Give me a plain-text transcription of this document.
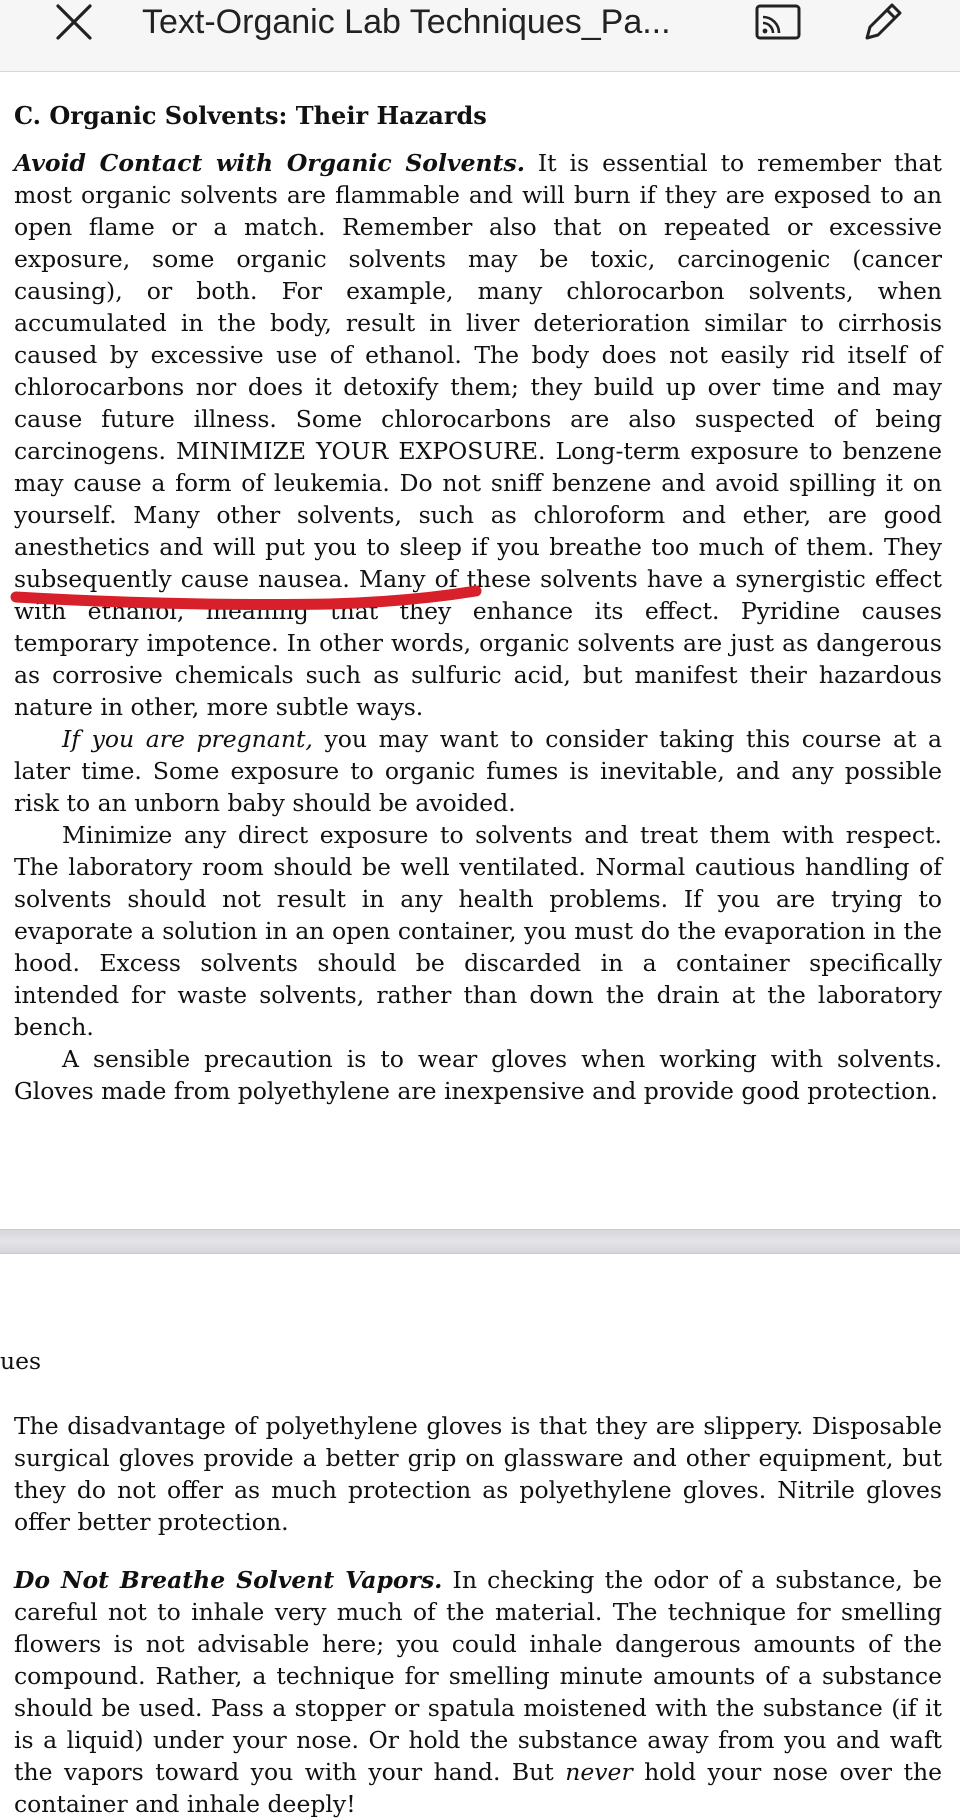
Text-Organic Lab Techniques_Pa...
C. Organic Solvents: Their Hazards

Avoid Contact with Organic Solvents. It is essential to remember that most organic solvents are flammable and will burn if they are exposed to an open flame or a match. Remember also that on repeated or excessive exposure, some organic solvents may be toxic, carcinogenic (cancer causing), or both. For example, many chlorocarbon solvents, when accumulated in the body, result in liver deterioration similar to cirrhosis caused by excessive use of ethanol. The body does not easily rid itself of chlorocarbons nor does it detoxify them; they build up over time and may cause future illness. Some chlorocarbons are also suspected of being carcinogens. MINIMIZE YOUR EXPOSURE. Long-term exposure to benzene may cause a form of leukemia. Do not sniff benzene and avoid spilling it on yourself. Many other solvents, such as chloroform and ether, are good anesthetics and will put you to sleep if you breathe too much of them. They subsequently cause nausea. Many of these solvents have a synergistic effect with ethanol, meaning that they enhance its effect. Pyridine causes temporary impotence. In other words, organic solvents are just as dangerous as corrosive chemicals such as sulfuric acid, but manifest their hazardous nature in other, more subtle ways.

If you are pregnant, you may want to consider taking this course at a later time. Some exposure to organic fumes is inevitable, and any possible risk to an unborn baby should be avoided.

Minimize any direct exposure to solvents and treat them with respect. The laboratory room should be well ventilated. Normal cautious handling of solvents should not result in any health problems. If you are trying to evaporate a solution in an open container, you must do the evaporation in the hood. Excess solvents should be discarded in a container specifically intended for waste solvents, rather than down the drain at the laboratory bench.

A sensible precaution is to wear gloves when working with solvents. Gloves made from polyethylene are inexpensive and provide good protection.

ues

The disadvantage of polyethylene gloves is that they are slippery. Disposable surgical gloves provide a better grip on glassware and other equipment, but they do not offer as much protection as polyethylene gloves. Nitrile gloves offer better protection.

Do Not Breathe Solvent Vapors. In checking the odor of a substance, be careful not to inhale very much of the material. The technique for smelling flowers is not advisable here; you could inhale dangerous amounts of the compound. Rather, a technique for smelling minute amounts of a substance should be used. Pass a stopper or spatula moistened with the substance (if it is a liquid) under your nose. Or hold the substance away from you and waft the vapors toward you with your hand. But never hold your nose over the container and inhale deeply!
